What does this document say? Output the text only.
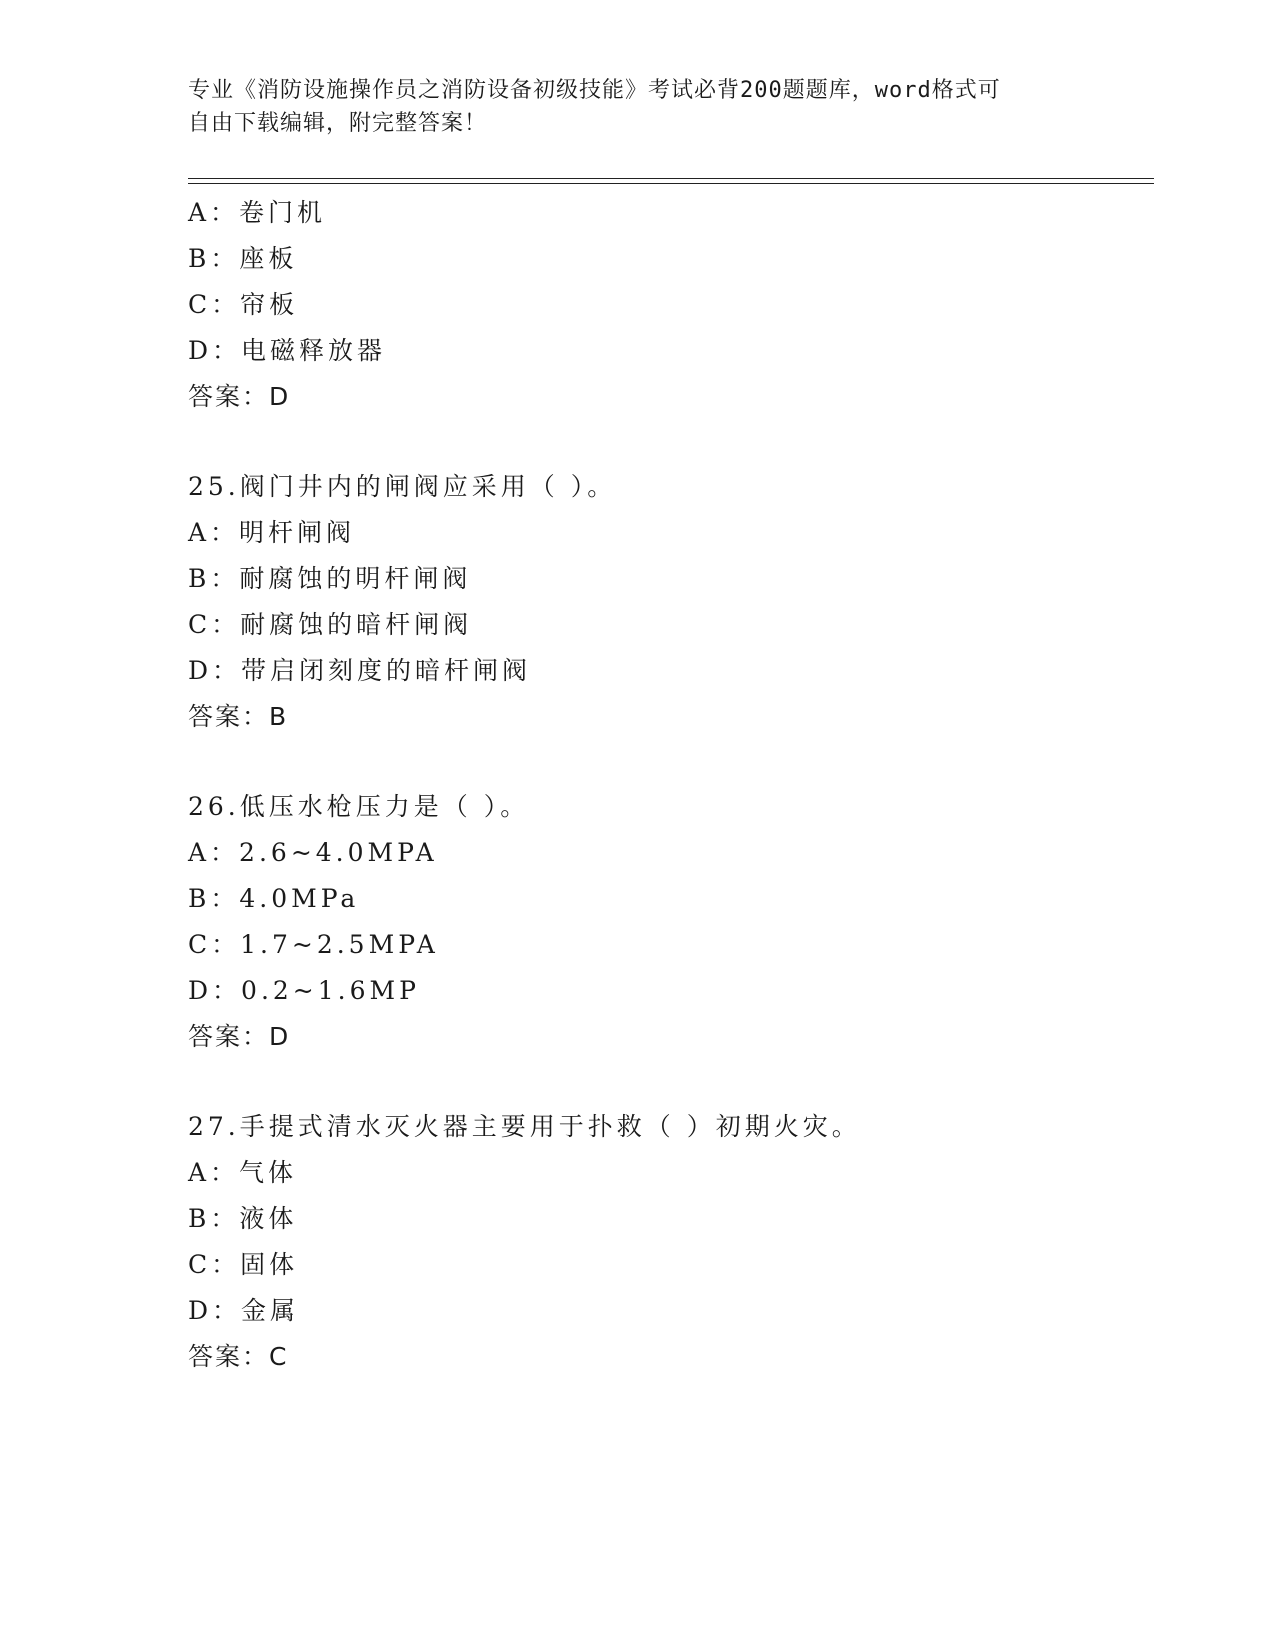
专业《消防设施操作员之消防设备初级技能》考试必背200题题库，word格式可
自由下载编辑，附完整答案！
A：卷门机
B：座板
C：帘板
D：电磁释放器
答案：D
25.阀门井内的闸阀应采用（ ）。
A：明杆闸阀
B：耐腐蚀的明杆闸阀
C：耐腐蚀的暗杆闸阀
D：带启闭刻度的暗杆闸阀
答案：B
26.低压水枪压力是（ ）。
A：2.6~4.0MPA
B：4.0MPa
C：1.7~2.5MPA
D：0.2~1.6MP
答案：D
27.手提式清水灭火器主要用于扑救（ ）初期火灾。
A：气体
B：液体
C：固体
D：金属
答案：C
